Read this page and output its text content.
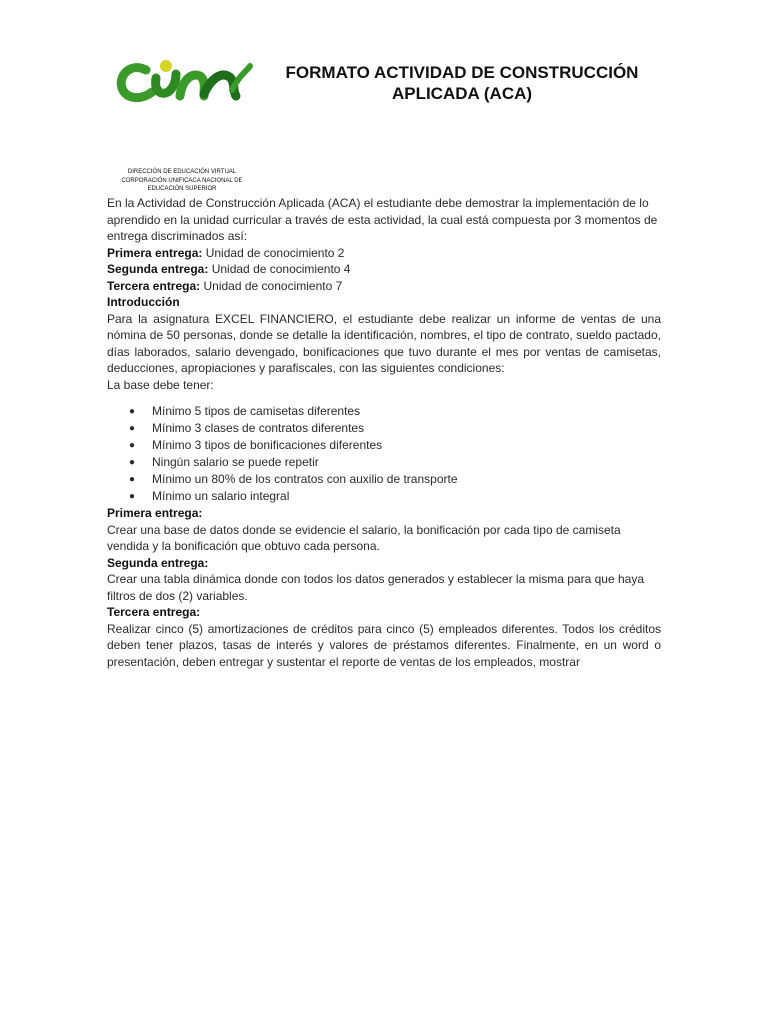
FORMATO ACTIVIDAD DE CONSTRUCCIÓN
APLICADA (ACA)
DIRECCIÓN DE EDUCACIÓN VIRTUAL
CORPORACIÓN UNIFICACA NACIONAL DE
EDUCACIÓN SUPERIOR

En la Actividad de Construcción Aplicada (ACA) el estudiante debe demostrar la implementación de lo aprendido en la unidad curricular a través de esta actividad, la cual está compuesta por 3 momentos de entrega discriminados así:

Primera entrega: Unidad de conocimiento 2

Segunda entrega: Unidad de conocimiento 4

Tercera entrega: Unidad de conocimiento 7

Introducción

Para la asignatura EXCEL FINANCIERO, el estudiante debe realizar un informe de ventas de una nómina de 50 personas, donde se detalle la identificación, nombres, el tipo de contrato, sueldo pactado, días laborados, salario devengado, bonificaciones que tuvo durante el mes por ventas de camisetas, deducciones, apropiaciones y parafiscales, con las siguientes condiciones:

La base debe tener:

● Mínimo 5 tipos de camisetas diferentes
● Mínimo 3 clases de contratos diferentes
● Mínimo 3 tipos de bonificaciones diferentes
● Ningún salario se puede repetir
● Mínimo un 80% de los contratos con auxilio de transporte
● Mínimo un salario integral

Primera entrega:

Crear una base de datos donde se evidencie el salario, la bonificación por cada tipo de camiseta vendida y la bonificación que obtuvo cada persona.

Segunda entrega:

Crear una tabla dinámica donde con todos los datos generados y establecer la misma para que haya filtros de dos (2) variables.

Tercera entrega:

Realizar cinco (5) amortizaciones de créditos para cinco (5) empleados diferentes. Todos los créditos deben tener plazos, tasas de interés y valores de préstamos diferentes. Finalmente, en un word o presentación, deben entregar y sustentar el reporte de ventas de los empleados, mostrar
